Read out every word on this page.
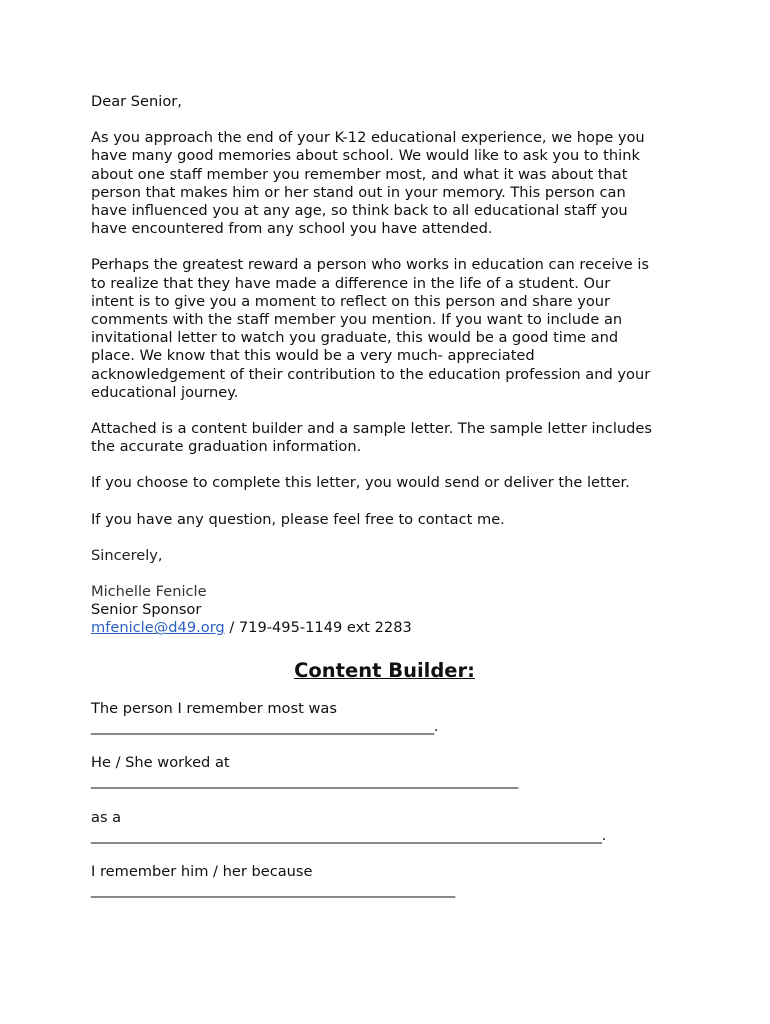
Dear Senior,

As you approach the end of your K-12 educational experience, we hope you
have many good memories about school. We would like to ask you to think
about one staff member you remember most, and what it was about that
person that makes him or her stand out in your memory. This person can
have influenced you at any age, so think back to all educational staff you
have encountered from any school you have attended.

Perhaps the greatest reward a person who works in education can receive is
to realize that they have made a difference in the life of a student. Our
intent is to give you a moment to reflect on this person and share your
comments with the staff member you mention. If you want to include an
invitational letter to watch you graduate, this would be a good time and
place. We know that this would be a very much- appreciated
acknowledgement of their contribution to the education profession and your
educational journey.

Attached is a content builder and a sample letter. The sample letter includes
the accurate graduation information.

If you choose to complete this letter, you would send or deliver the letter.

If you have any question, please feel free to contact me.

Sincerely,

Michelle Fenicle

Senior Sponsor

mfenicle@d49.org / 719-495-1149 ext 2283

Content Builder:

The person I remember most was

_________________________________________________.

He / She worked at

_____________________________________________________________

as a

_________________________________________________________________________.

I remember him / her because

____________________________________________________
